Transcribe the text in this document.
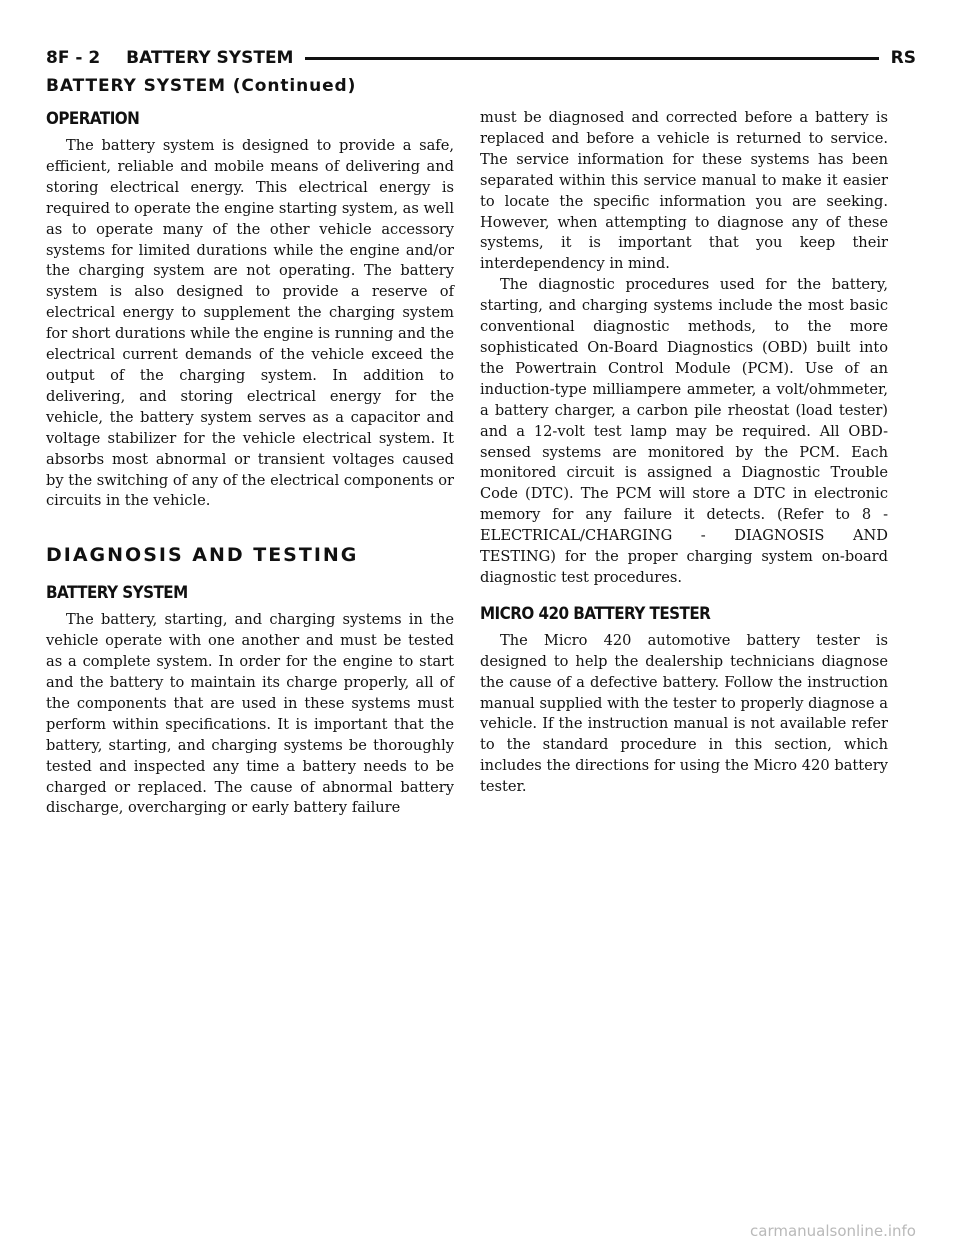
8F - 2 BATTERY SYSTEM	RS
BATTERY SYSTEM (Continued)
OPERATION

The battery system is designed to provide a safe, efficient, reliable and mobile means of delivering and storing electrical energy. This electrical energy is required to operate the engine starting system, as well as to operate many of the other vehicle accessory systems for limited durations while the engine and/or the charging system are not operating. The battery system is also designed to provide a reserve of electrical energy to supplement the charging system for short durations while the engine is running and the electrical current demands of the vehicle exceed the output of the charging system. In addition to delivering, and storing electrical energy for the vehicle, the battery system serves as a capacitor and voltage stabilizer for the vehicle electrical system. It absorbs most abnormal or transient voltages caused by the switching of any of the electrical components or circuits in the vehicle.

DIAGNOSIS AND TESTING
BATTERY SYSTEM

The battery, starting, and charging systems in the vehicle operate with one another and must be tested as a complete system. In order for the engine to start and the battery to maintain its charge properly, all of the components that are used in these systems must perform within specifications. It is important that the battery, starting, and charging systems be thoroughly tested and inspected any time a battery needs to be charged or replaced. The cause of abnormal battery discharge, overcharging or early battery failure

must be diagnosed and corrected before a battery is replaced and before a vehicle is returned to service. The service information for these systems has been separated within this service manual to make it easier to locate the specific information you are seeking. However, when attempting to diagnose any of these systems, it is important that you keep their interdependency in mind.

The diagnostic procedures used for the battery, starting, and charging systems include the most basic conventional diagnostic methods, to the more sophisticated On-Board Diagnostics (OBD) built into the Powertrain Control Module (PCM). Use of an induction-type milliampere ammeter, a volt/ohmmeter, a battery charger, a carbon pile rheostat (load tester) and a 12-volt test lamp may be required. All OBD-sensed systems are monitored by the PCM. Each monitored circuit is assigned a Diagnostic Trouble Code (DTC). The PCM will store a DTC in electronic memory for any failure it detects. (Refer to 8 - ELECTRICAL/CHARGING - DIAGNOSIS AND TESTING) for the proper charging system on-board diagnostic test procedures.

MICRO 420 BATTERY TESTER

The Micro 420 automotive battery tester is designed to help the dealership technicians diagnose the cause of a defective battery. Follow the instruction manual supplied with the tester to properly diagnose a vehicle. If the instruction manual is not available refer to the standard procedure in this section, which includes the directions for using the Micro 420 battery tester.

carmanualsonline.info
